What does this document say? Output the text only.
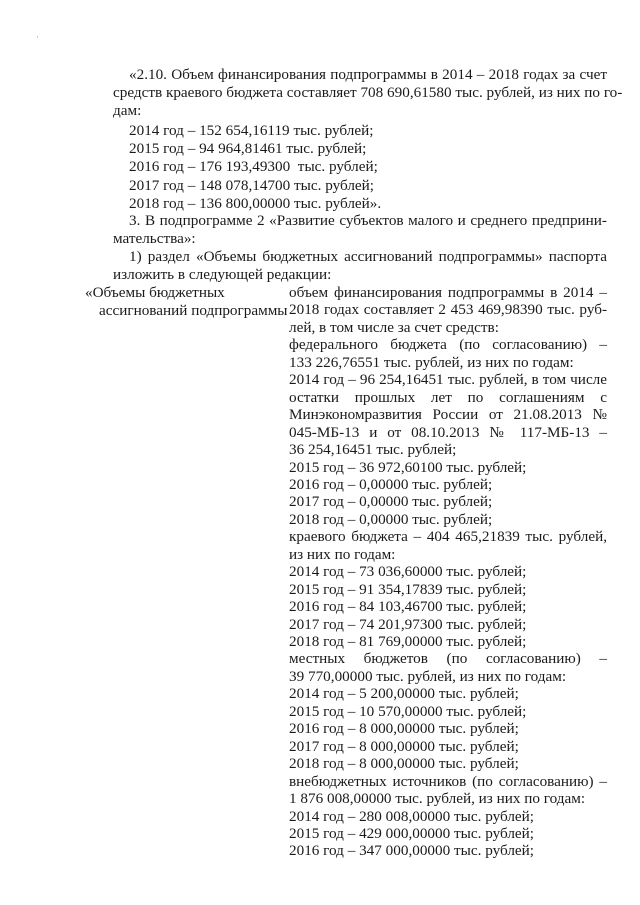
·
«2.10. Объем финансирования подпрограммы в 2014 – 2018 годах за счет
средств краевого бюджета составляет 708 690,61580 тыс. рублей, из них по го-
дам:
2014 год – 152 654,16119 тыс. рублей;
2015 год – 94 964,81461 тыс. рублей;
2016 год – 176 193,49300  тыс. рублей;
2017 год – 148 078,14700 тыс. рублей;
2018 год – 136 800,00000 тыс. рублей».
3. В подпрограмме 2 «Развитие субъектов малого и среднего предприни-
мательства»:
1) раздел «Объемы бюджетных ассигнований подпрограммы» паспорта
изложить в следующей редакции:
«Объемы бюджетных
ассигнований подпрограммы
объем финансирования подпрограммы в 2014 –
2018 годах составляет 2 453 469,98390 тыс. руб-
лей, в том числе за счет средств:
федерального бюджета (по согласованию) –
133 226,76551 тыс. рублей, из них по годам:
2014 год – 96 254,16451 тыс. рублей, в том числе
остатки прошлых лет по соглашениям с
Минэкономразвития России от 21.08.2013 №
045-МБ-13 и от 08.10.2013 № 117-МБ-13 –
36 254,16451 тыс. рублей;
2015 год – 36 972,60100 тыс. рублей;
2016 год – 0,00000 тыс. рублей;
2017 год – 0,00000 тыс. рублей;
2018 год – 0,00000 тыс. рублей;
краевого бюджета – 404 465,21839 тыс. рублей,
из них по годам:
2014 год – 73 036,60000 тыс. рублей;
2015 год – 91 354,17839 тыс. рублей;
2016 год – 84 103,46700 тыс. рублей;
2017 год – 74 201,97300 тыс. рублей;
2018 год – 81 769,00000 тыс. рублей;
местных бюджетов (по согласованию) –
39 770,00000 тыс. рублей, из них по годам:
2014 год – 5 200,00000 тыс. рублей;
2015 год – 10 570,00000 тыс. рублей;
2016 год – 8 000,00000 тыс. рублей;
2017 год – 8 000,00000 тыс. рублей;
2018 год – 8 000,00000 тыс. рублей;
внебюджетных источников (по согласованию) –
1 876 008,00000 тыс. рублей, из них по годам:
2014 год – 280 008,00000 тыс. рублей;
2015 год – 429 000,00000 тыс. рублей;
2016 год – 347 000,00000 тыс. рублей;
